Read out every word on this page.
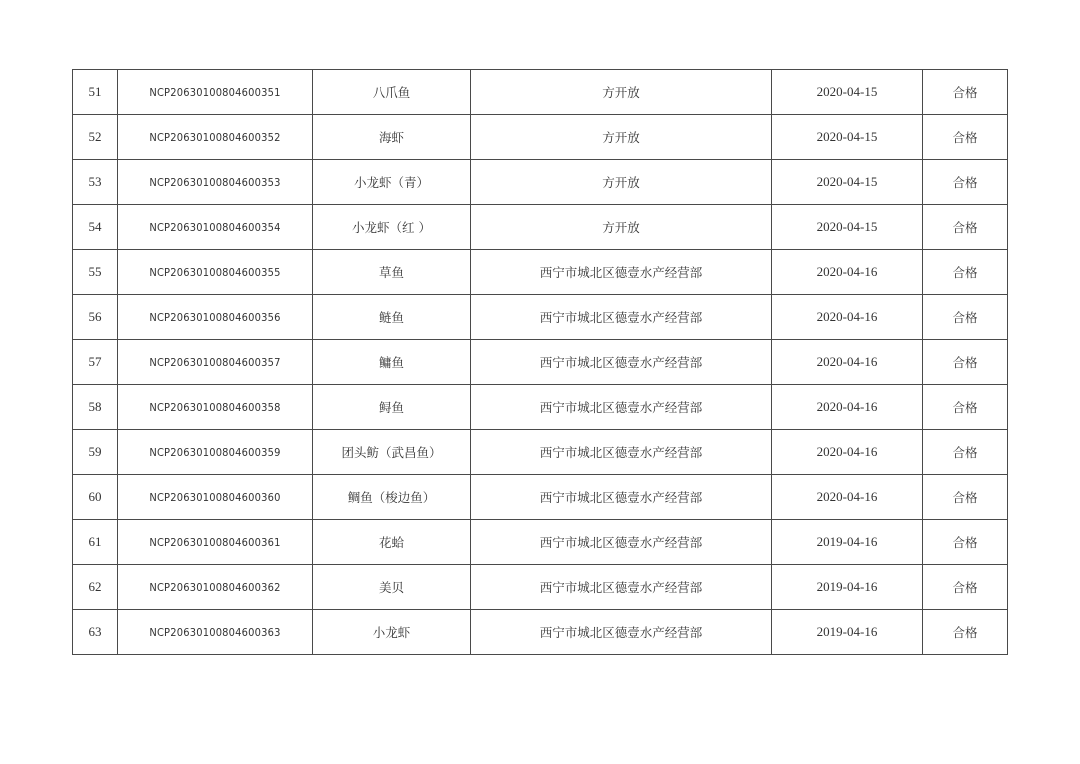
51	NCP20630100804600351	八爪鱼	方开放	2020-04-15	合格
52	NCP20630100804600352	海虾	方开放	2020-04-15	合格
53	NCP20630100804600353	小龙虾（青）	方开放	2020-04-15	合格
54	NCP20630100804600354	小龙虾（红 ）	方开放	2020-04-15	合格
55	NCP20630100804600355	草鱼	西宁市城北区德壹水产经营部	2020-04-16	合格
56	NCP20630100804600356	鲢鱼	西宁市城北区德壹水产经营部	2020-04-16	合格
57	NCP20630100804600357	鳙鱼	西宁市城北区德壹水产经营部	2020-04-16	合格
58	NCP20630100804600358	鲟鱼	西宁市城北区德壹水产经营部	2020-04-16	合格
59	NCP20630100804600359	团头鲂（武昌鱼）	西宁市城北区德壹水产经营部	2020-04-16	合格
60	NCP20630100804600360	鲷鱼（梭边鱼）	西宁市城北区德壹水产经营部	2020-04-16	合格
61	NCP20630100804600361	花蛤	西宁市城北区德壹水产经营部	2019-04-16	合格
62	NCP20630100804600362	美贝	西宁市城北区德壹水产经营部	2019-04-16	合格
63	NCP20630100804600363	小龙虾	西宁市城北区德壹水产经营部	2019-04-16	合格
